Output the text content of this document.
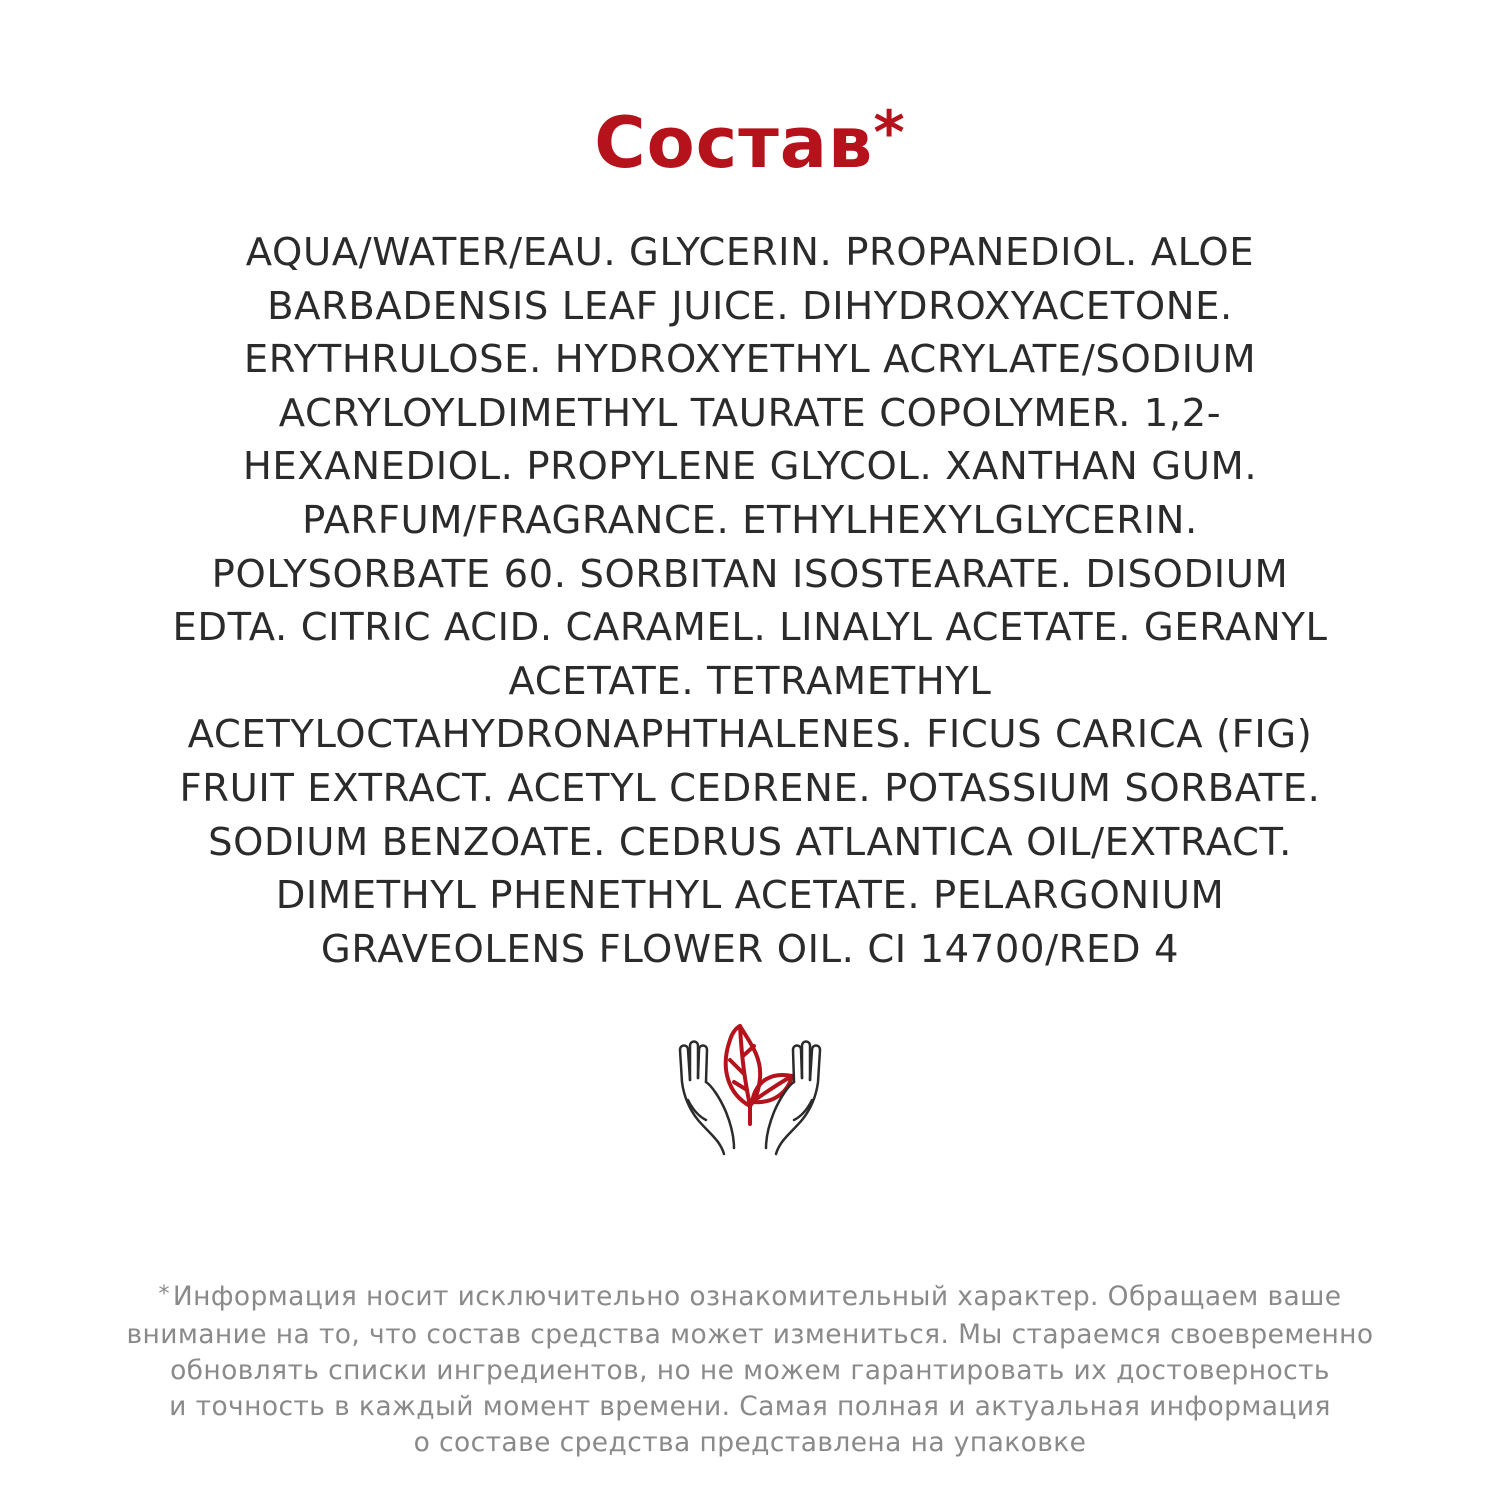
Состав*
AQUA/WATER/EAU. GLYCERIN. PROPANEDIOL. ALOE
BARBADENSIS LEAF JUICE. DIHYDROXYACETONE.
ERYTHRULOSE. HYDROXYETHYL ACRYLATE/SODIUM
ACRYLOYLDIMETHYL TAURATE COPOLYMER. 1,2-
HEXANEDIOL. PROPYLENE GLYCOL. XANTHAN GUM.
PARFUM/FRAGRANCE. ETHYLHEXYLGLYCERIN.
POLYSORBATE 60. SORBITAN ISOSTEARATE. DISODIUM
EDTA. CITRIC ACID. CARAMEL. LINALYL ACETATE. GERANYL
ACETATE. TETRAMETHYL
ACETYLOCTAHYDRONAPHTHALENES. FICUS CARICA (FIG)
FRUIT EXTRACT. ACETYL CEDRENE. POTASSIUM SORBATE.
SODIUM BENZOATE. CEDRUS ATLANTICA OIL/EXTRACT.
DIMETHYL PHENETHYL ACETATE. PELARGONIUM
GRAVEOLENS FLOWER OIL. CI 14700/RED 4
* Информация носит исключительно ознакомительный характер. Обращаем ваше
внимание на то, что состав средства может измениться. Мы стараемся своевременно
обновлять списки ингредиентов, но не можем гарантировать их достоверность
и точность в каждый момент времени. Самая полная и актуальная информация
о составе средства представлена на упаковке
